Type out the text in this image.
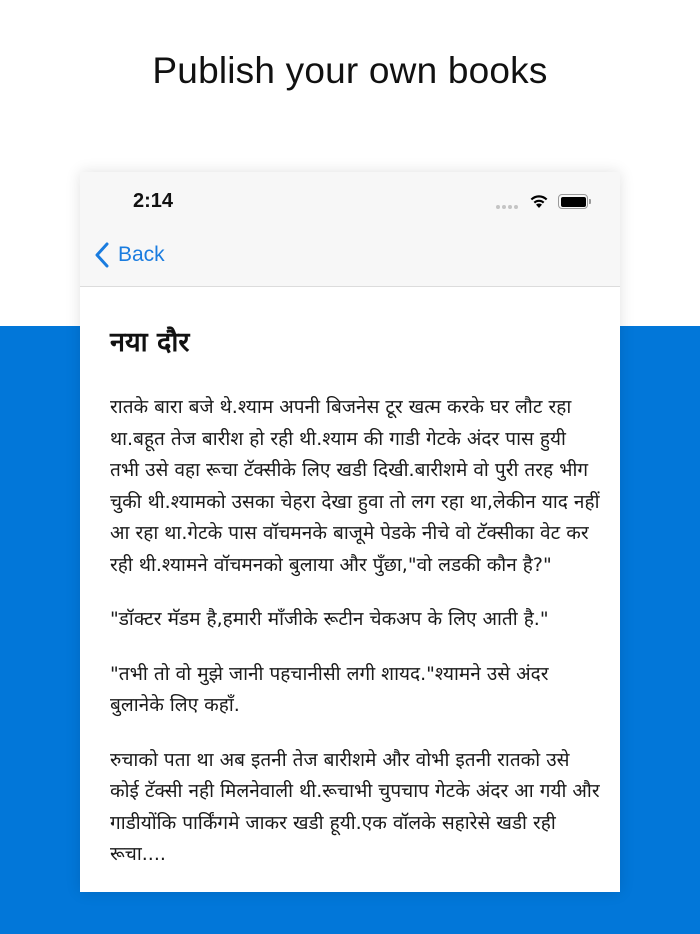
Publish your own books
2:14
Back
नया दौर

रातके बारा बजे थे.श्याम अपनी बिजनेस टूर खत्म करके घर लौट रहा था.बहूत तेज बारीश हो रही थी.श्याम की गाडी गेटके अंदर पास हुयी तभी उसे वहा रूचा टॅक्सीके लिए खडी दिखी.बारीशमे वो पुरी तरह भीग चुकी थी.श्यामको उसका चेहरा देखा हुवा तो लग रहा था,लेकीन याद नहीं आ रहा था.गेटके पास वॉचमनके बाजूमे पेडके नीचे वो टॅक्सीका वेट कर रही थी.श्यामने वॉचमनको बुलाया और पुँछा,"वो लडकी कौन है?"

"डॉक्टर मॅडम है,हमारी माँजीके रूटीन चेकअप के लिए आती है."

"तभी तो वो मुझे जानी पहचानीसी लगी शायद."श्यामने उसे अंदर बुलानेके लिए कहाँ.

रुचाको पता था अब इतनी तेज बारीशमे और वोभी इतनी रातको उसे कोई टॅक्सी नही मिलनेवाली थी.रूचाभी चुपचाप गेटके अंदर आ गयी और गाडीयोंकि पार्किंगमे जाकर खडी हूयी.एक वॉलके सहारेसे खडी रही रूचा....
